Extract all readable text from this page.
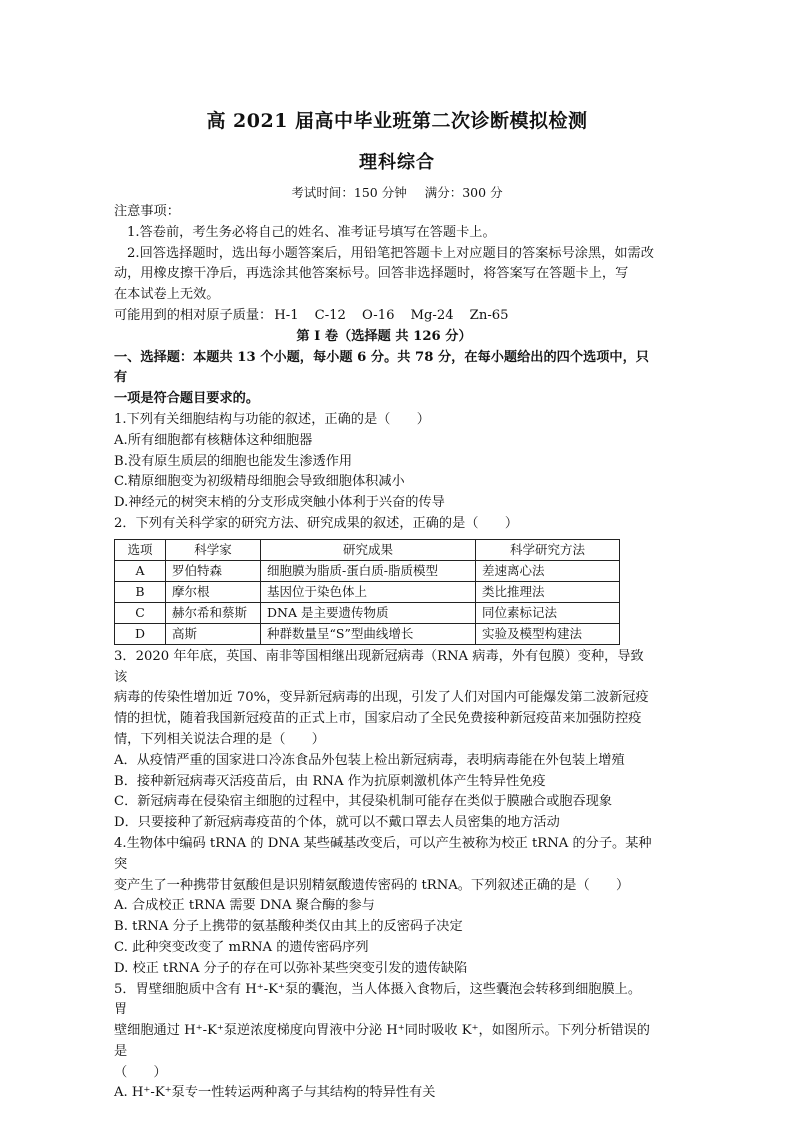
高 2021 届高中毕业班第二次诊断模拟检测
理科综合
考试时间：150 分钟 满分：300 分

注意事项：

1.答卷前，考生务必将自己的姓名、准考证号填写在答题卡上。

2.回答选择题时，选出每小题答案后，用铅笔把答题卡上对应题目的答案标号涂黑，如需改

动，用橡皮擦干净后，再选涂其他答案标号。回答非选择题时，将答案写在答题卡上，写

在本试卷上无效。

可能用到的相对原子质量： H-1 C-12 O-16 Mg-24 Zn-65

第 I 卷（选择题 共 126 分）

一、选择题：本题共 13 个小题，每小题 6 分。共 78 分，在每小题给出的四个选项中，只有

一项是符合题目要求的。

1.下列有关细胞结构与功能的叙述，正确的是（　　）

A.所有细胞都有核糖体这种细胞器

B.没有原生质层的细胞也能发生渗透作用

C.精原细胞变为初级精母细胞会导致细胞体积减小

D.神经元的树突末梢的分支形成突触小体利于兴奋的传导

2．下列有关科学家的研究方法、研究成果的叙述，正确的是（　　）

选项	科学家	研究成果	科学研究方法
A	罗伯特森	细胞膜为脂质-蛋白质-脂质模型	差速离心法
B	摩尔根	基因位于染色体上	类比推理法
C	赫尔希和蔡斯	DNA 是主要遗传物质	同位素标记法
D	高斯	种群数量呈“S”型曲线增长	实验及模型构建法

3．2020 年年底，英国、南非等国相继出现新冠病毒（RNA 病毒，外有包膜）变种，导致该

病毒的传染性增加近 70%，变异新冠病毒的出现，引发了人们对国内可能爆发第二波新冠疫

情的担忧，随着我国新冠疫苗的正式上市，国家启动了全民免费接种新冠疫苗来加强防控疫

情，下列相关说法合理的是（　　）

A．从疫情严重的国家进口冷冻食品外包装上检出新冠病毒，表明病毒能在外包装上增殖

B．接种新冠病毒灭活疫苗后，由 RNA 作为抗原刺激机体产生特异性免疫

C．新冠病毒在侵染宿主细胞的过程中，其侵染机制可能存在类似于膜融合或胞吞现象

D．只要接种了新冠病毒疫苗的个体，就可以不戴口罩去人员密集的地方活动

4.生物体中编码 tRNA 的 DNA 某些碱基改变后，可以产生被称为校正 tRNA 的分子。某种突

变产生了一种携带甘氨酸但是识别精氨酸遗传密码的 tRNA。下列叙述正确的是（　　）

A. 合成校正 tRNA 需要 DNA 聚合酶的参与

B. tRNA 分子上携带的氨基酸种类仅由其上的反密码子决定

C. 此种突变改变了 mRNA 的遗传密码序列

D. 校正 tRNA 分子的存在可以弥补某些突变引发的遗传缺陷

5．胃壁细胞质中含有 H⁺-K⁺泵的囊泡，当人体摄入食物后，这些囊泡会转移到细胞膜上。胃

壁细胞通过 H⁺-K⁺泵逆浓度梯度向胃液中分泌 H⁺同时吸收 K⁺，如图所示。下列分析错误的是

（　　）

A. H⁺-K⁺泵专一性转运两种离子与其结构的特异性有关
